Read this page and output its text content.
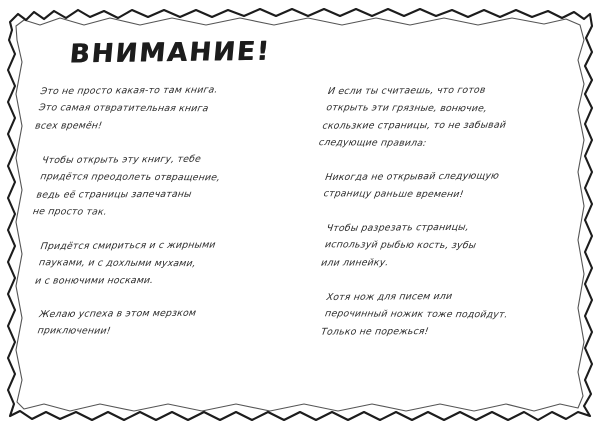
ВНИМАНИЕ!

Это не просто какая-то там книга.
Это самая отвратительная книга
всех времён!

Чтобы открыть эту книгу, тебе
придётся преодолеть отвращение,
ведь её страницы запечатаны
не просто так.

Придётся смириться и с жирными
пауками, и с дохлыми мухами,
и с вонючими носками.

Желаю успеха в этом мерзком
приключении!

И если ты считаешь, что готов
открыть эти грязные, вонючие,
скользкие страницы, то не забывай
следующие правила:

Никогда не открывай следующую
страницу раньше времени!

Чтобы разрезать страницы,
используй рыбью кость, зубы
или линейку.

Хотя нож для писем или
перочинный ножик тоже подойдут.
Только не порежься!
